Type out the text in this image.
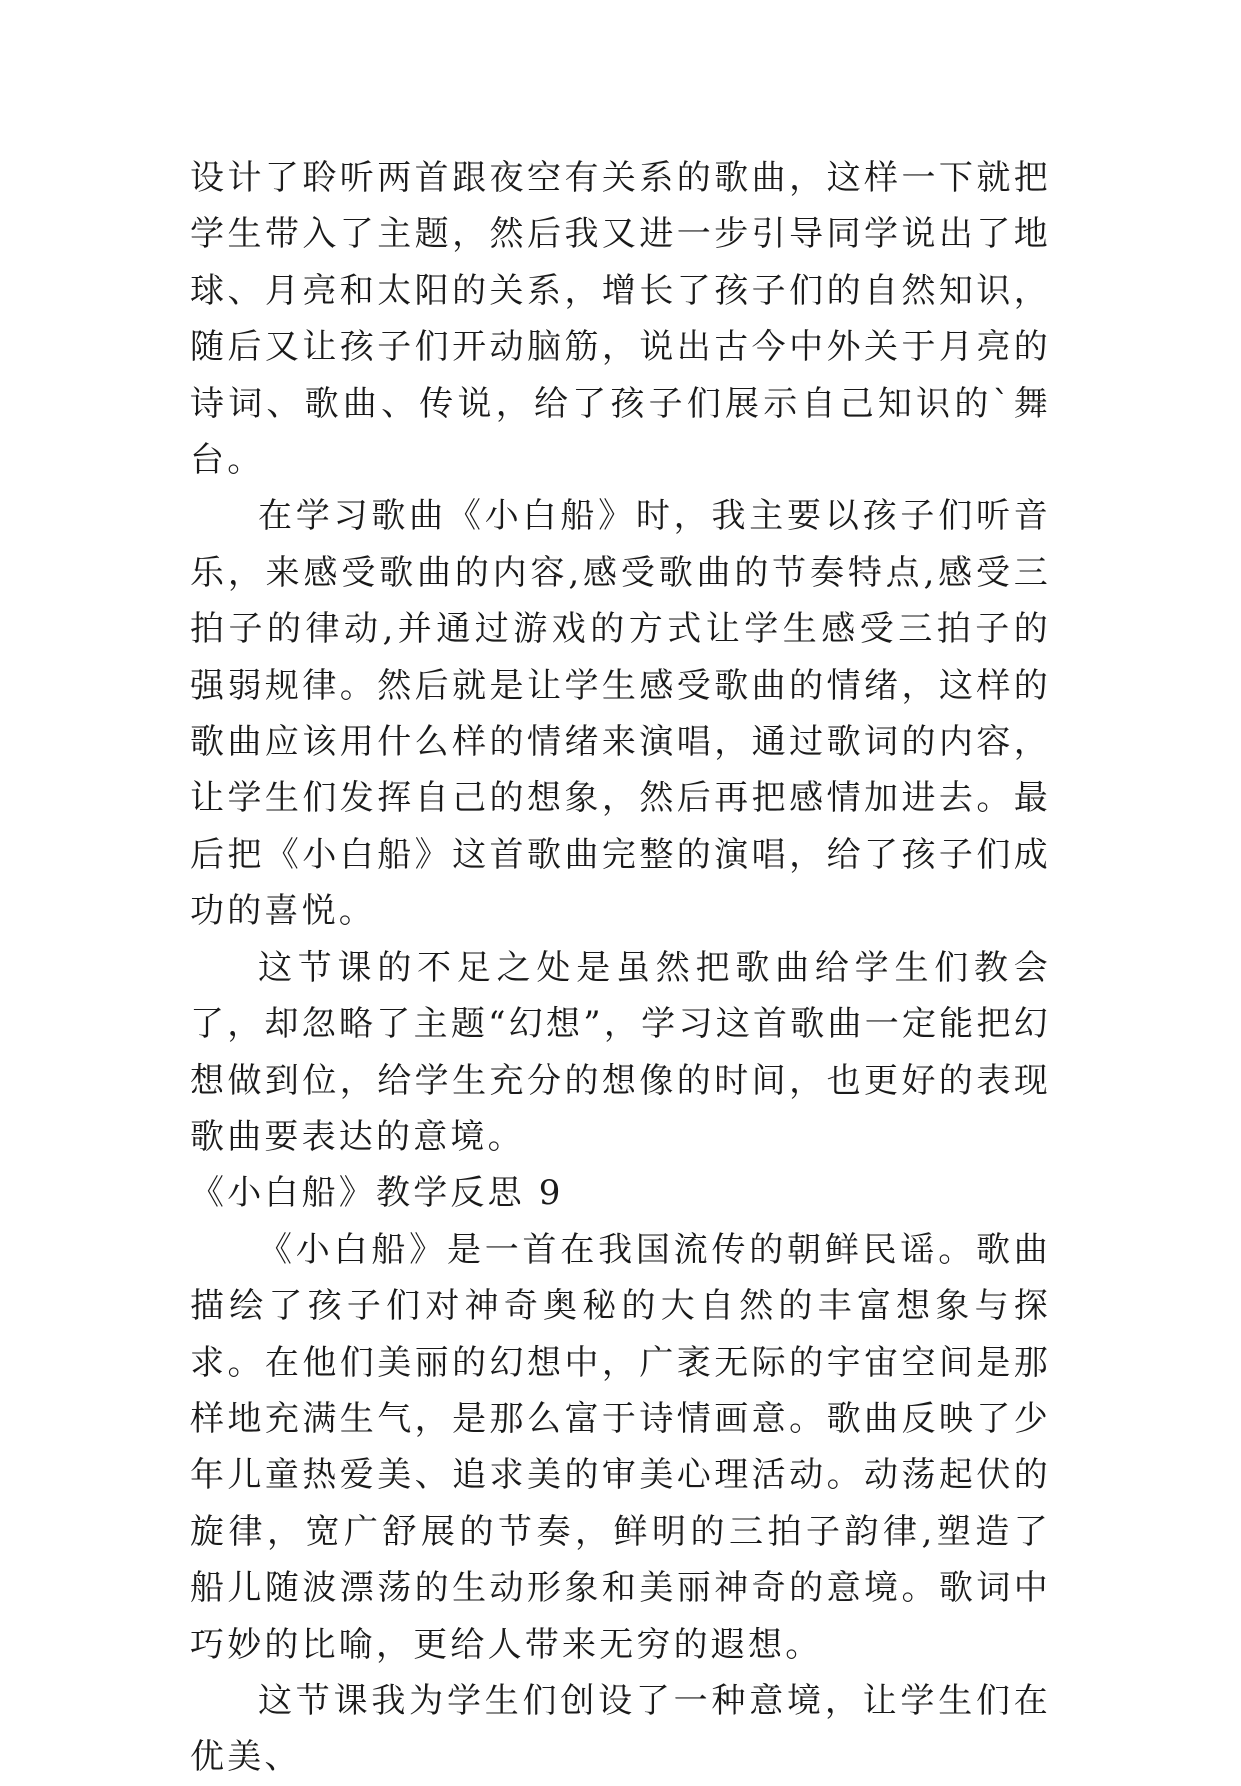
设计了聆听两首跟夜空有关系的歌曲，这样一下就把学生带入了主题，然后我又进一步引导同学说出了地球、月亮和太阳的关系，增长了孩子们的自然知识，随后又让孩子们开动脑筋，说出古今中外关于月亮的诗词、歌曲、传说，给了孩子们展示自己知识的`舞台。

在学习歌曲《小白船》时，我主要以孩子们听音乐，来感受歌曲的内容,感受歌曲的节奏特点,感受三拍子的律动,并通过游戏的方式让学生感受三拍子的强弱规律。然后就是让学生感受歌曲的情绪，这样的歌曲应该用什么样的情绪来演唱，通过歌词的内容，让学生们发挥自己的想象，然后再把感情加进去。最后把《小白船》这首歌曲完整的演唱，给了孩子们成功的喜悦。

这节课的不足之处是虽然把歌曲给学生们教会了，却忽略了主题“幻想”，学习这首歌曲一定能把幻想做到位，给学生充分的想像的时间，也更好的表现歌曲要表达的意境。

《小白船》教学反思 9

《小白船》是一首在我国流传的朝鲜民谣。歌曲描绘了孩子们对神奇奥秘的大自然的丰富想象与探求。在他们美丽的幻想中，广袤无际的宇宙空间是那样地充满生气，是那么富于诗情画意。歌曲反映了少年儿童热爱美、追求美的审美心理活动。动荡起伏的旋律，宽广舒展的节奏，鲜明的三拍子韵律,塑造了船儿随波漂荡的生动形象和美丽神奇的意境。歌词中巧妙的比喻，更给人带来无穷的遐想。

这节课我为学生们创设了一种意境，让学生们在优美、
